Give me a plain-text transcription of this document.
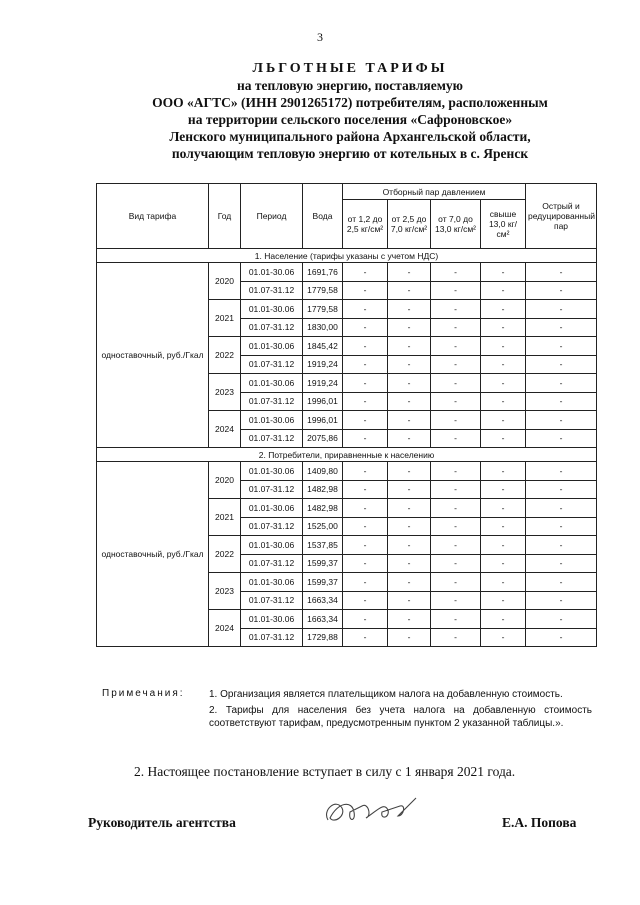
3
ЛЬГОТНЫЕ ТАРИФЫ
на тепловую энергию, поставляемую
ООО «АГТС» (ИНН 2901265172) потребителям, расположенным
на территории сельского поселения «Сафроновское»
Ленского муниципального района Архангельской области,
получающим тепловую энергию от котельных в с. Яренск
Вид тарифа	Год	Период	Вода	Отборный пар давлением				Острый и редуцированный пар
				от 1,2 до 2,5 кг/см²	от 2,5 до 7,0 кг/см²	от 7,0 до 13,0 кг/см²	свыше 13,0 кг/см²	
1. Население (тарифы указаны с учетом НДС)								
одноставочный, руб./Гкал	2020	01.01-30.06	1691,76	-	-	-	-	-
		01.07-31.12	1779,58	-	-	-	-	-
	2021	01.01-30.06	1779,58	-	-	-	-	-
		01.07-31.12	1830,00	-	-	-	-	-
	2022	01.01-30.06	1845,42	-	-	-	-	-
		01.07-31.12	1919,24	-	-	-	-	-
	2023	01.01-30.06	1919,24	-	-	-	-	-
		01.07-31.12	1996,01	-	-	-	-	-
	2024	01.01-30.06	1996,01	-	-	-	-	-
		01.07-31.12	2075,86	-	-	-	-	-
2. Потребители, приравненные к населению								
одноставочный, руб./Гкал	2020	01.01-30.06	1409,80	-	-	-	-	-
		01.07-31.12	1482,98	-	-	-	-	-
	2021	01.01-30.06	1482,98	-	-	-	-	-
		01.07-31.12	1525,00	-	-	-	-	-
	2022	01.01-30.06	1537,85	-	-	-	-	-
		01.07-31.12	1599,37	-	-	-	-	-
	2023	01.01-30.06	1599,37	-	-	-	-	-
		01.07-31.12	1663,34	-	-	-	-	-
	2024	01.01-30.06	1663,34	-	-	-	-	-
		01.07-31.12	1729,88	-	-	-	-	-
Примечания: 1. Организация является плательщиком налога на добавленную стоимость.
2. Тарифы для населения без учета налога на добавленную стоимость соответствуют тарифам, предусмотренным пунктом 2 указанной таблицы.».
2. Настоящее постановление вступает в силу с 1 января 2021 года.
Руководитель агентства	Е.А. Попова
